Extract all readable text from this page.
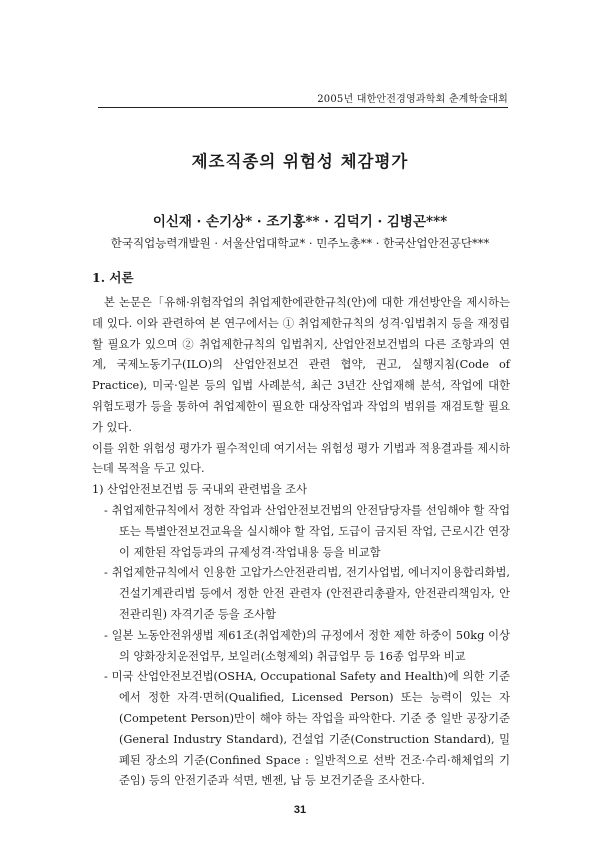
2005년 대한안전경영과학회 춘계학술대회
제조직종의 위험성 체감평가
이신재 · 손기상* · 조기홍** · 김덕기 · 김병곤***
한국직업능력개발원 · 서울산업대학교* · 민주노총** · 한국산업안전공단***
1. 서론

본 논문은「유해·위험작업의 취업제한에관한규칙(안)에 대한 개선방안을 제시하는데 있다. 이와 관련하여 본 연구에서는 ① 취업제한규칙의 성격·입법취지 등을 재정립할 필요가 있으며 ② 취업제한규칙의 입법취지, 산업안전보건법의 다른 조항과의 연계, 국제노동기구(ILO)의 산업안전보건 관련 협약, 권고, 실행지침(Code of Practice), 미국·일본 등의 입법 사례분석, 최근 3년간 산업재해 분석, 작업에 대한 위험도평가 등을 통하여 취업제한이 필요한 대상작업과 작업의 범위를 재검토할 필요가 있다.

이를 위한 위험성 평가가 필수적인데 여기서는 위험성 평가 기법과 적용결과를 제시하는데 목적을 두고 있다.

1) 산업안전보건법 등 국내외 관련법을 조사

- 취업제한규칙에서 정한 작업과 산업안전보건법의 안전담당자를 선임해야 할 작업 또는 특별안전보건교육을 실시해야 할 작업, 도급이 금지된 작업, 근로시간 연장이 제한된 작업등과의 규제성격·작업내용 등을 비교함

- 취업제한규칙에서 인용한 고압가스안전관리법, 전기사업법, 에너지이용합리화법, 건설기계관리법 등에서 정한 안전 관련자 (안전관리총괄자, 안전관리책임자, 안전관리원) 자격기준 등을 조사함

- 일본 노동안전위생법 제61조(취업제한)의 규정에서 정한 제한 하중이 50kg 이상의 양화장치운전업무, 보일러(소형제외) 취급업무 등 16종 업무와 비교

- 미국 산업안전보건법(OSHA, Occupational Safety and Health)에 의한 기준에서 정한 자격·면허(Qualified, Licensed Person) 또는 능력이 있는 자(Competent Person)만이 해야 하는 작업을 파악한다. 기준 중 일반 공장기준(General Industry Standard), 건설업 기준(Construction Standard), 밀폐된 장소의 기준(Confined Space : 일반적으로 선박 건조·수리·해체업의 기준임) 등의 안전기준과 석면, 벤젠, 납 등 보건기준을 조사한다.

31
